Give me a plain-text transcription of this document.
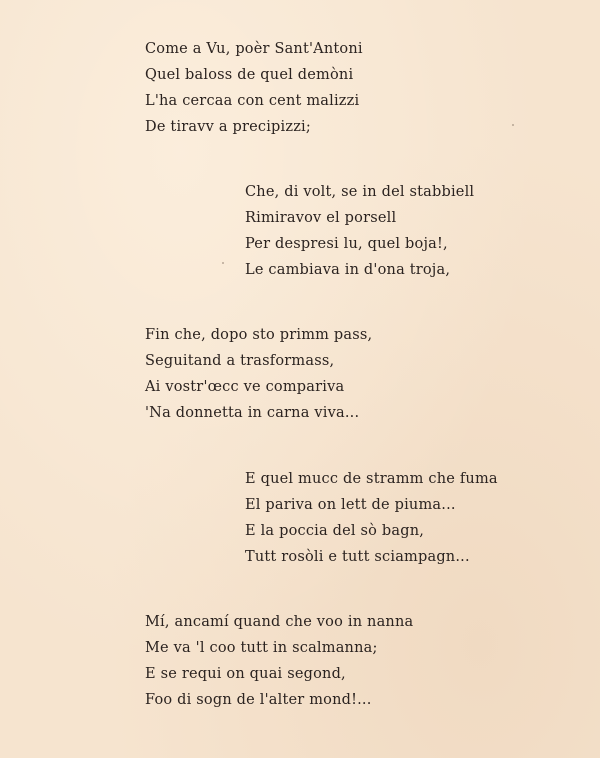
Come a Vu, poèr Sant'Antoni
Quel baloss de quel demòni
L'ha cercaa con cent malizzi
De tiravv a precipizzi;
Che, di volt, se in del stabbiell
Rimiravov el porsell
Per despresi lu, quel boja!,
Le cambiava in d'ona troja,
Fin che, dopo sto primm pass,
Seguitand a trasformass,
Ai vostr'œcc ve compariva
'Na donnetta in carna viva...
E quel mucc de stramm che fuma
El pariva on lett de piuma...
E la poccia del sò bagn,
Tutt rosòli e tutt sciampagn...
Mí, ancamí quand che voo in nanna
Me va 'l coo tutt in scalmanna;
E se requi on quai segond,
Foo di sogn de l'alter mond!...
